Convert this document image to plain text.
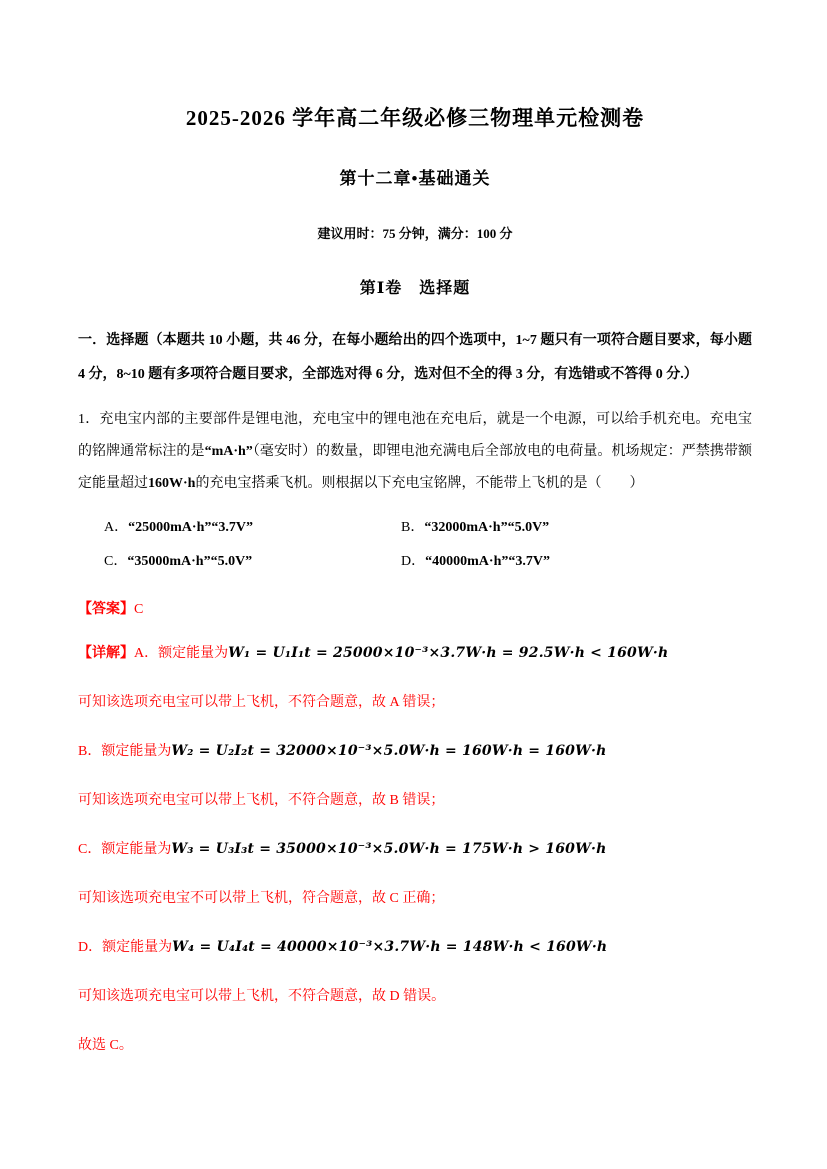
2025-2026 学年高二年级必修三物理单元检测卷
第十二章•基础通关

建议用时：75 分钟，满分：100 分

第Ⅰ卷　选择题

一．选择题（本题共 10 小题，共 46 分，在每小题给出的四个选项中，1~7 题只有一项符合题目要求，每小题 4 分，8~10 题有多项符合题目要求，全部选对得 6 分，选对但不全的得 3 分，有选错或不答得 0 分.）

1．充电宝内部的主要部件是锂电池，充电宝中的锂电池在充电后，就是一个电源，可以给手机充电。充电宝的铭牌通常标注的是“mA·h”（毫安时）的数量，即锂电池充满电后全部放电的电荷量。机场规定：严禁携带额定能量超过160W·h的充电宝搭乘飞机。则根据以下充电宝铭牌，不能带上飞机的是（　　）

A．“25000mA·h”“3.7V”	B．“32000mA·h”“5.0V”
C．“35000mA·h”“5.0V”	D．“40000mA·h”“3.7V”

【答案】C

【详解】A．额定能量为W₁ = U₁I₁t = 25000×10⁻³×3.7W·h = 92.5W·h < 160W·h

可知该选项充电宝可以带上飞机，不符合题意，故 A 错误；

B．额定能量为W₂ = U₂I₂t = 32000×10⁻³×5.0W·h = 160W·h = 160W·h

可知该选项充电宝可以带上飞机，不符合题意，故 B 错误；

C．额定能量为W₃ = U₃I₃t = 35000×10⁻³×5.0W·h = 175W·h > 160W·h

可知该选项充电宝不可以带上飞机，符合题意，故 C 正确；

D．额定能量为W₄ = U₄I₄t = 40000×10⁻³×3.7W·h = 148W·h < 160W·h

可知该选项充电宝可以带上飞机，不符合题意，故 D 错误。

故选 C。
